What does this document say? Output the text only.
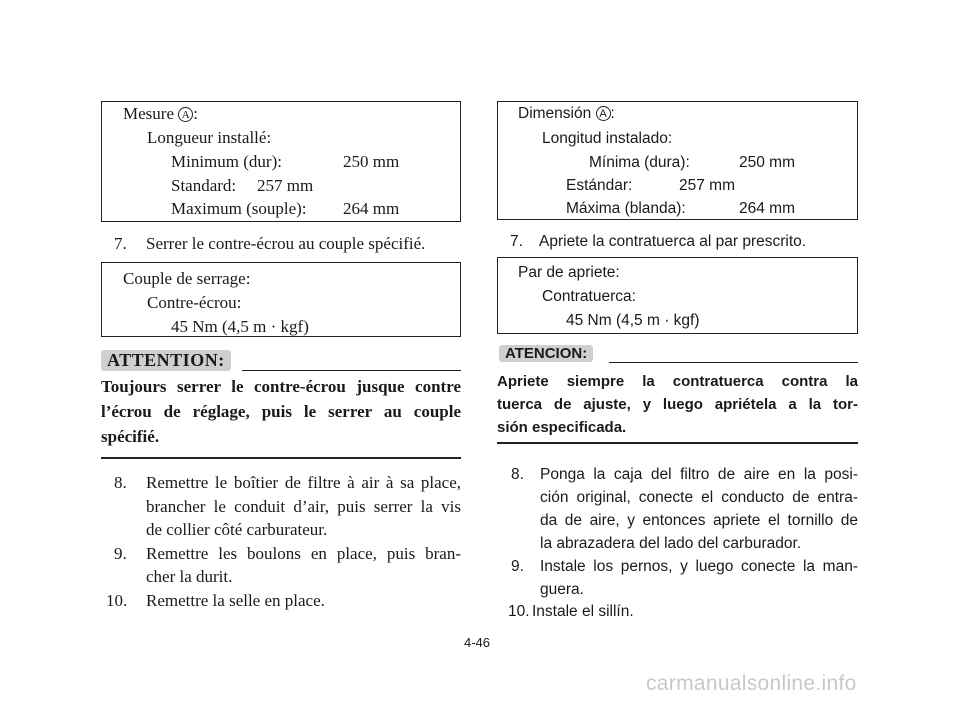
Mesure A :
Longueur installé:
Minimum (dur):	250 mm
Standard: 257 mm
Maximum (souple): 264 mm
7. Serrer le contre-écrou au couple spécifié.
Couple de serrage:
Contre-écrou:
45 Nm (4,5 m · kgf)
ATTENTION:
Toujours serrer le contre-écrou jusque contre
l’écrou de réglage, puis le serrer au couple
spécifié.
8. Remettre le boîtier de filtre à air à sa place,
brancher le conduit d’air, puis serrer la vis
de collier côté carburateur.
9. Remettre les boulons en place, puis bran-
cher la durit.
10. Remettre la selle en place.
Dimensión A :
Longitud instalado:
Mínima (dura):	250 mm
Estándar:	257 mm
Máxima (blanda):	264 mm
7. Apriete la contratuerca al par prescrito.
Par de apriete:
Contratuerca:
45 Nm (4,5 m · kgf)
ATENCION:
Apriete siempre la contratuerca contra la
tuerca de ajuste, y luego apriétela a la tor-
sión especificada.
8. Ponga la caja del filtro de aire en la posi-
ción original, conecte el conducto de entra-
da de aire, y entonces apriete el tornillo de
la abrazadera del lado del carburador.
9. Instale los pernos, y luego conecte la man-
guera.
10. Instale el sillín.
4-46
carmanualsonline.info
